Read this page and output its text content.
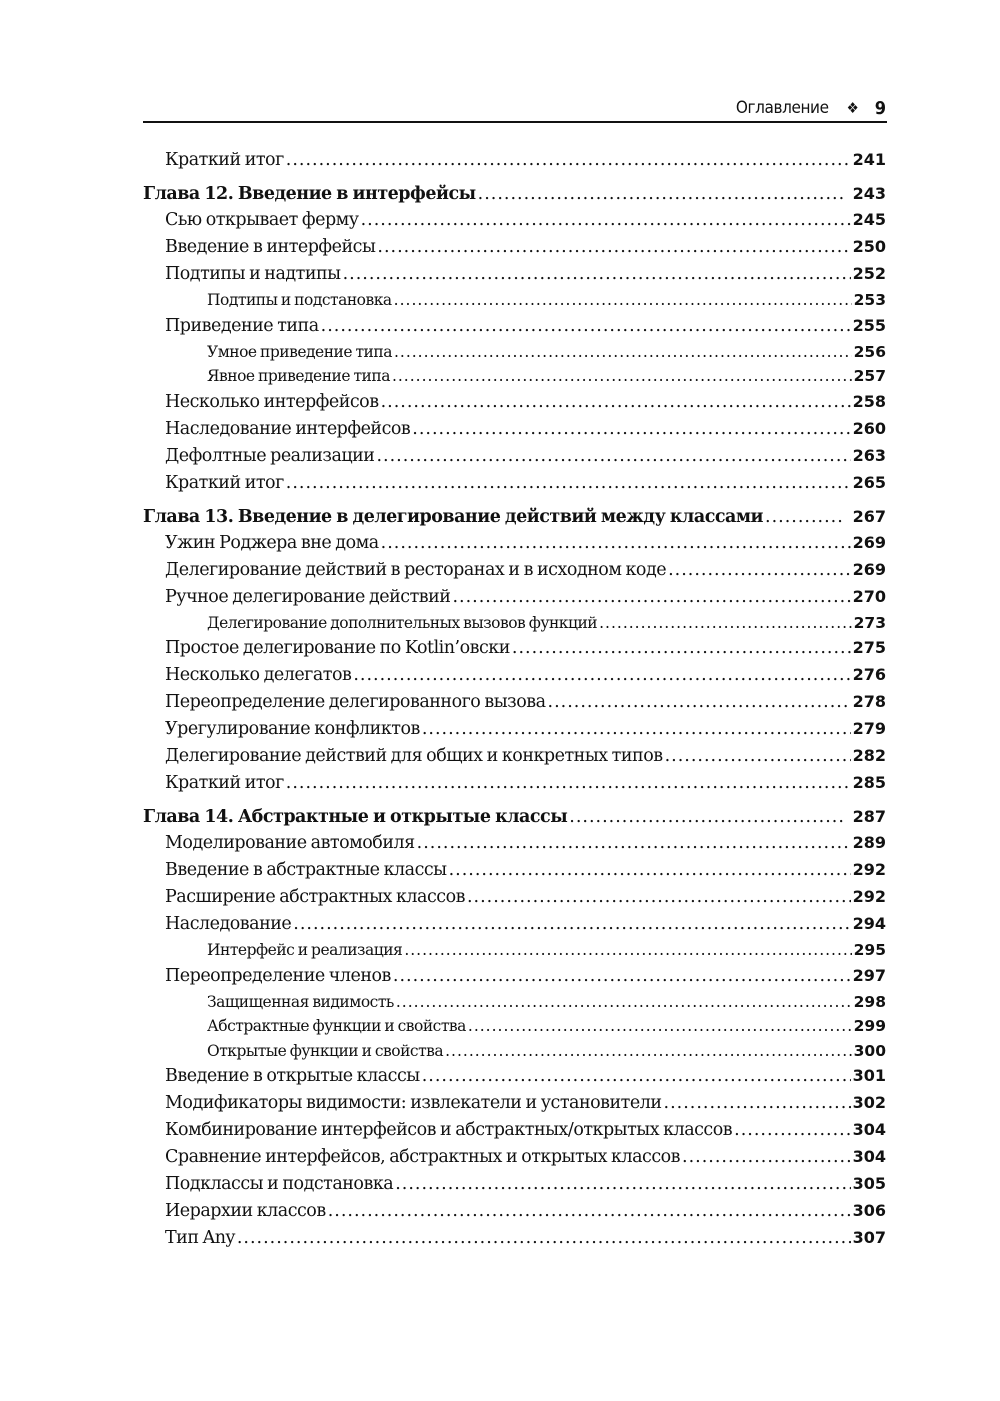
Оглавление ❖ 9
Краткий итог .....	241
Глава 12. Введение в интерфейсы .....	243
Сью открывает ферму .....	245
Введение в интерфейсы .....	250
Подтипы и надтипы .....	252
Подтипы и подстановка .....	253
Приведение типа .....	255
Умное приведение типа .....	256
Явное приведение типа .....	257
Несколько интерфейсов .....	258
Наследование интерфейсов .....	260
Дефолтные реализации .....	263
Краткий итог .....	265
Глава 13. Введение в делегирование действий между классами .....	267
Ужин Роджера вне дома .....	269
Делегирование действий в ресторанах и в исходном коде .....	269
Ручное делегирование действий .....	270
Делегирование дополнительных вызовов функций .....	273
Простое делегирование по Kotlin’овски .....	275
Несколько делегатов .....	276
Переопределение делегированного вызова .....	278
Урегулирование конфликтов .....	279
Делегирование действий для общих и конкретных типов .....	282
Краткий итог .....	285
Глава 14. Абстрактные и открытые классы .....	287
Моделирование автомобиля .....	289
Введение в абстрактные классы .....	292
Расширение абстрактных классов .....	292
Наследование .....	294
Интерфейс и реализация .....	295
Переопределение членов .....	297
Защищенная видимость .....	298
Абстрактные функции и свойства .....	299
Открытые функции и свойства .....	300
Введение в открытые классы .....	301
Модификаторы видимости: извлекатели и установители .....	302
Комбинирование интерфейсов и абстрактных/открытых классов .....	304
Сравнение интерфейсов, абстрактных и открытых классов .....	304
Подклассы и подстановка .....	305
Иерархии классов .....	306
Тип Any .....	307
